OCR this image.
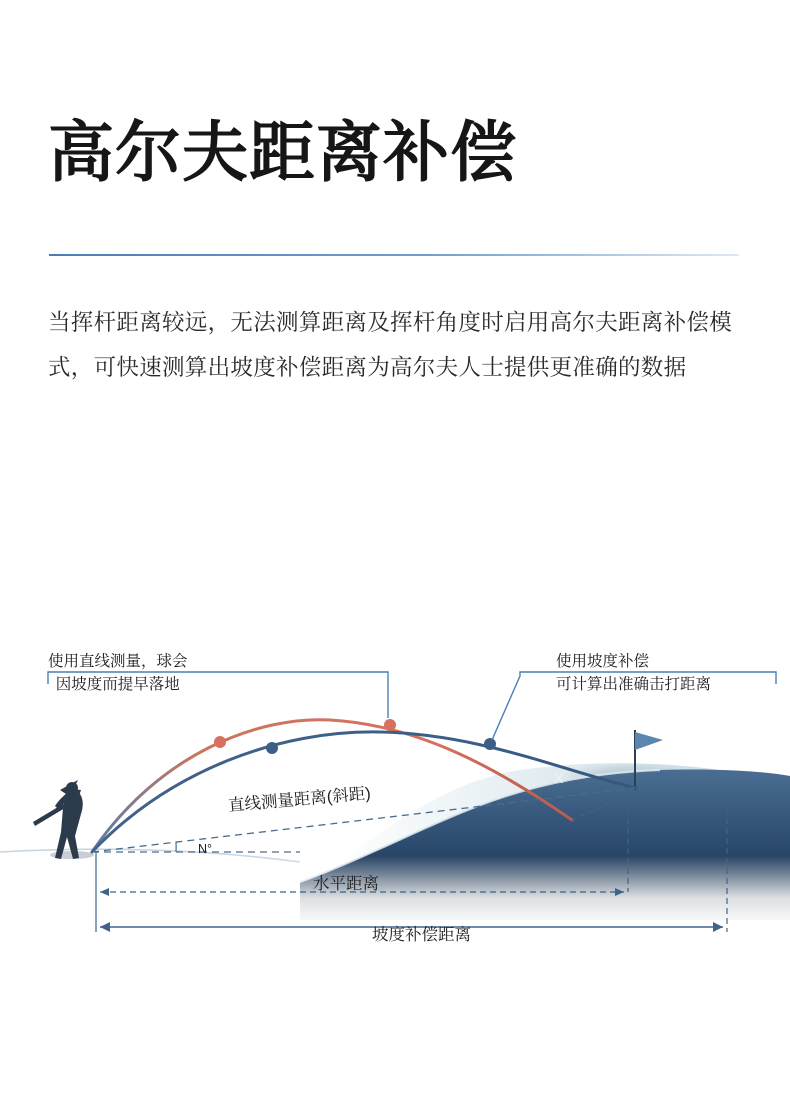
高尔夫距离补偿
当挥杆距离较远，无法测算距离及挥杆角度时启用高尔夫距离补偿模式，可快速测算出坡度补偿距离为高尔夫人士提供更准确的数据
使用直线测量，球会
因坡度而提早落地
使用坡度补偿
可计算出准确击打距离
直线测量距离(斜距)
N°
X
水平距离
坡度补偿距离
